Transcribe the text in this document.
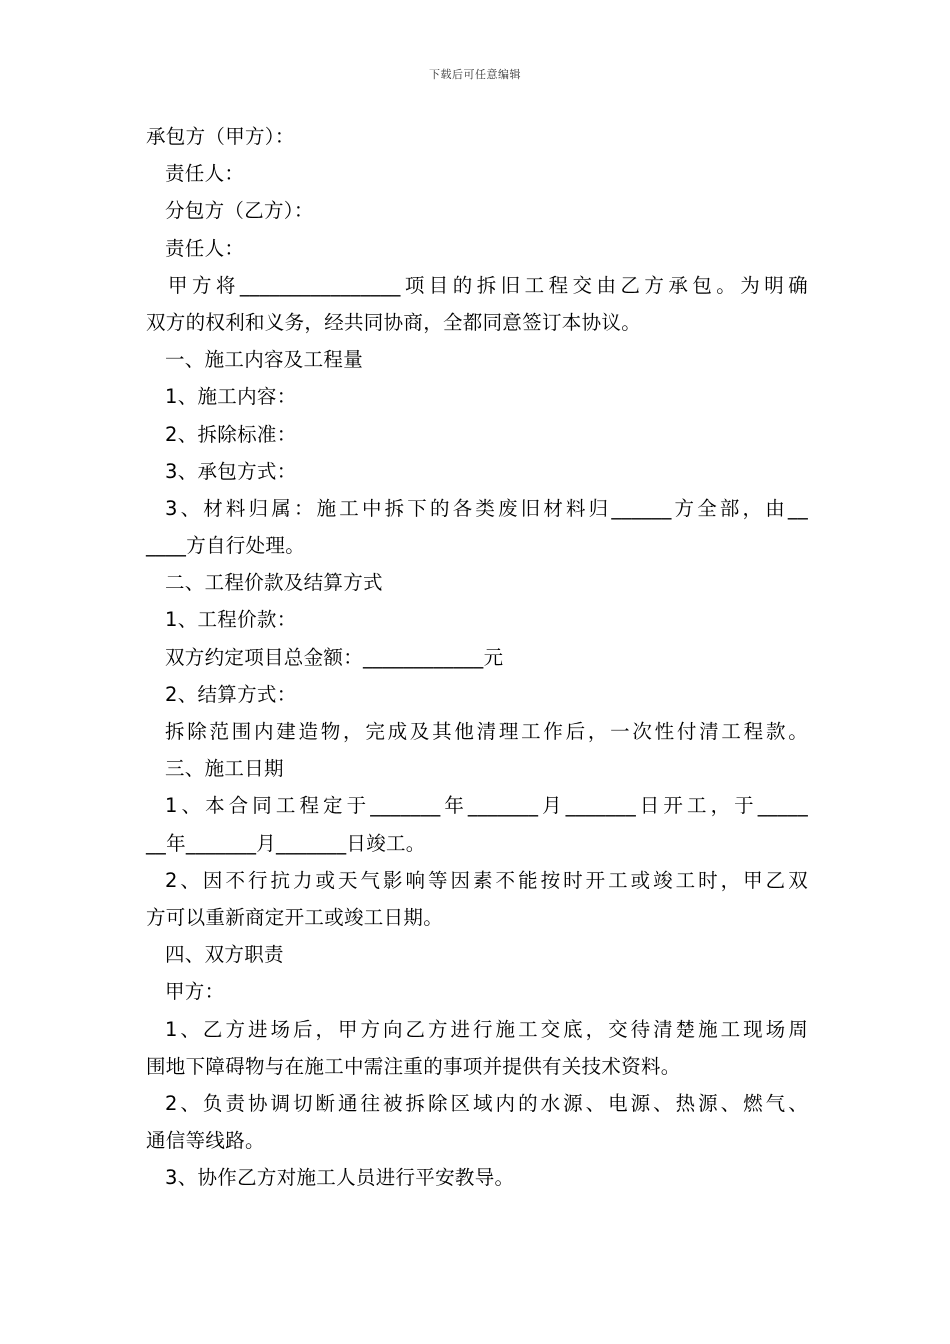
下载后可任意编辑
承包方（甲方）：
责任人：
分包方（乙方）：
责任人：
甲方将________________项目的拆旧工程交由乙方承包。为明确
双方的权利和义务，经共同协商，全都同意签订本协议。
一、施工内容及工程量
1、施工内容：
2、拆除标准：
3、承包方式：
3、材料归属：施工中拆下的各类废旧材料归______方全部，由__
____方自行处理。
二、工程价款及结算方式
1、工程价款：
双方约定项目总金额：____________元
2、结算方式：
拆除范围内建造物，完成及其他清理工作后，一次性付清工程款。
三、施工日期
1、本合同工程定于_______年_______月_______日开工，于_____
__年_______月_______日竣工。
2、因不行抗力或天气影响等因素不能按时开工或竣工时，甲乙双
方可以重新商定开工或竣工日期。
四、双方职责
甲方：
1、乙方进场后，甲方向乙方进行施工交底，交待清楚施工现场周
围地下障碍物与在施工中需注重的事项并提供有关技术资料。
2、负责协调切断通往被拆除区域内的水源、电源、热源、燃气、
通信等线路。
3、协作乙方对施工人员进行平安教导。
